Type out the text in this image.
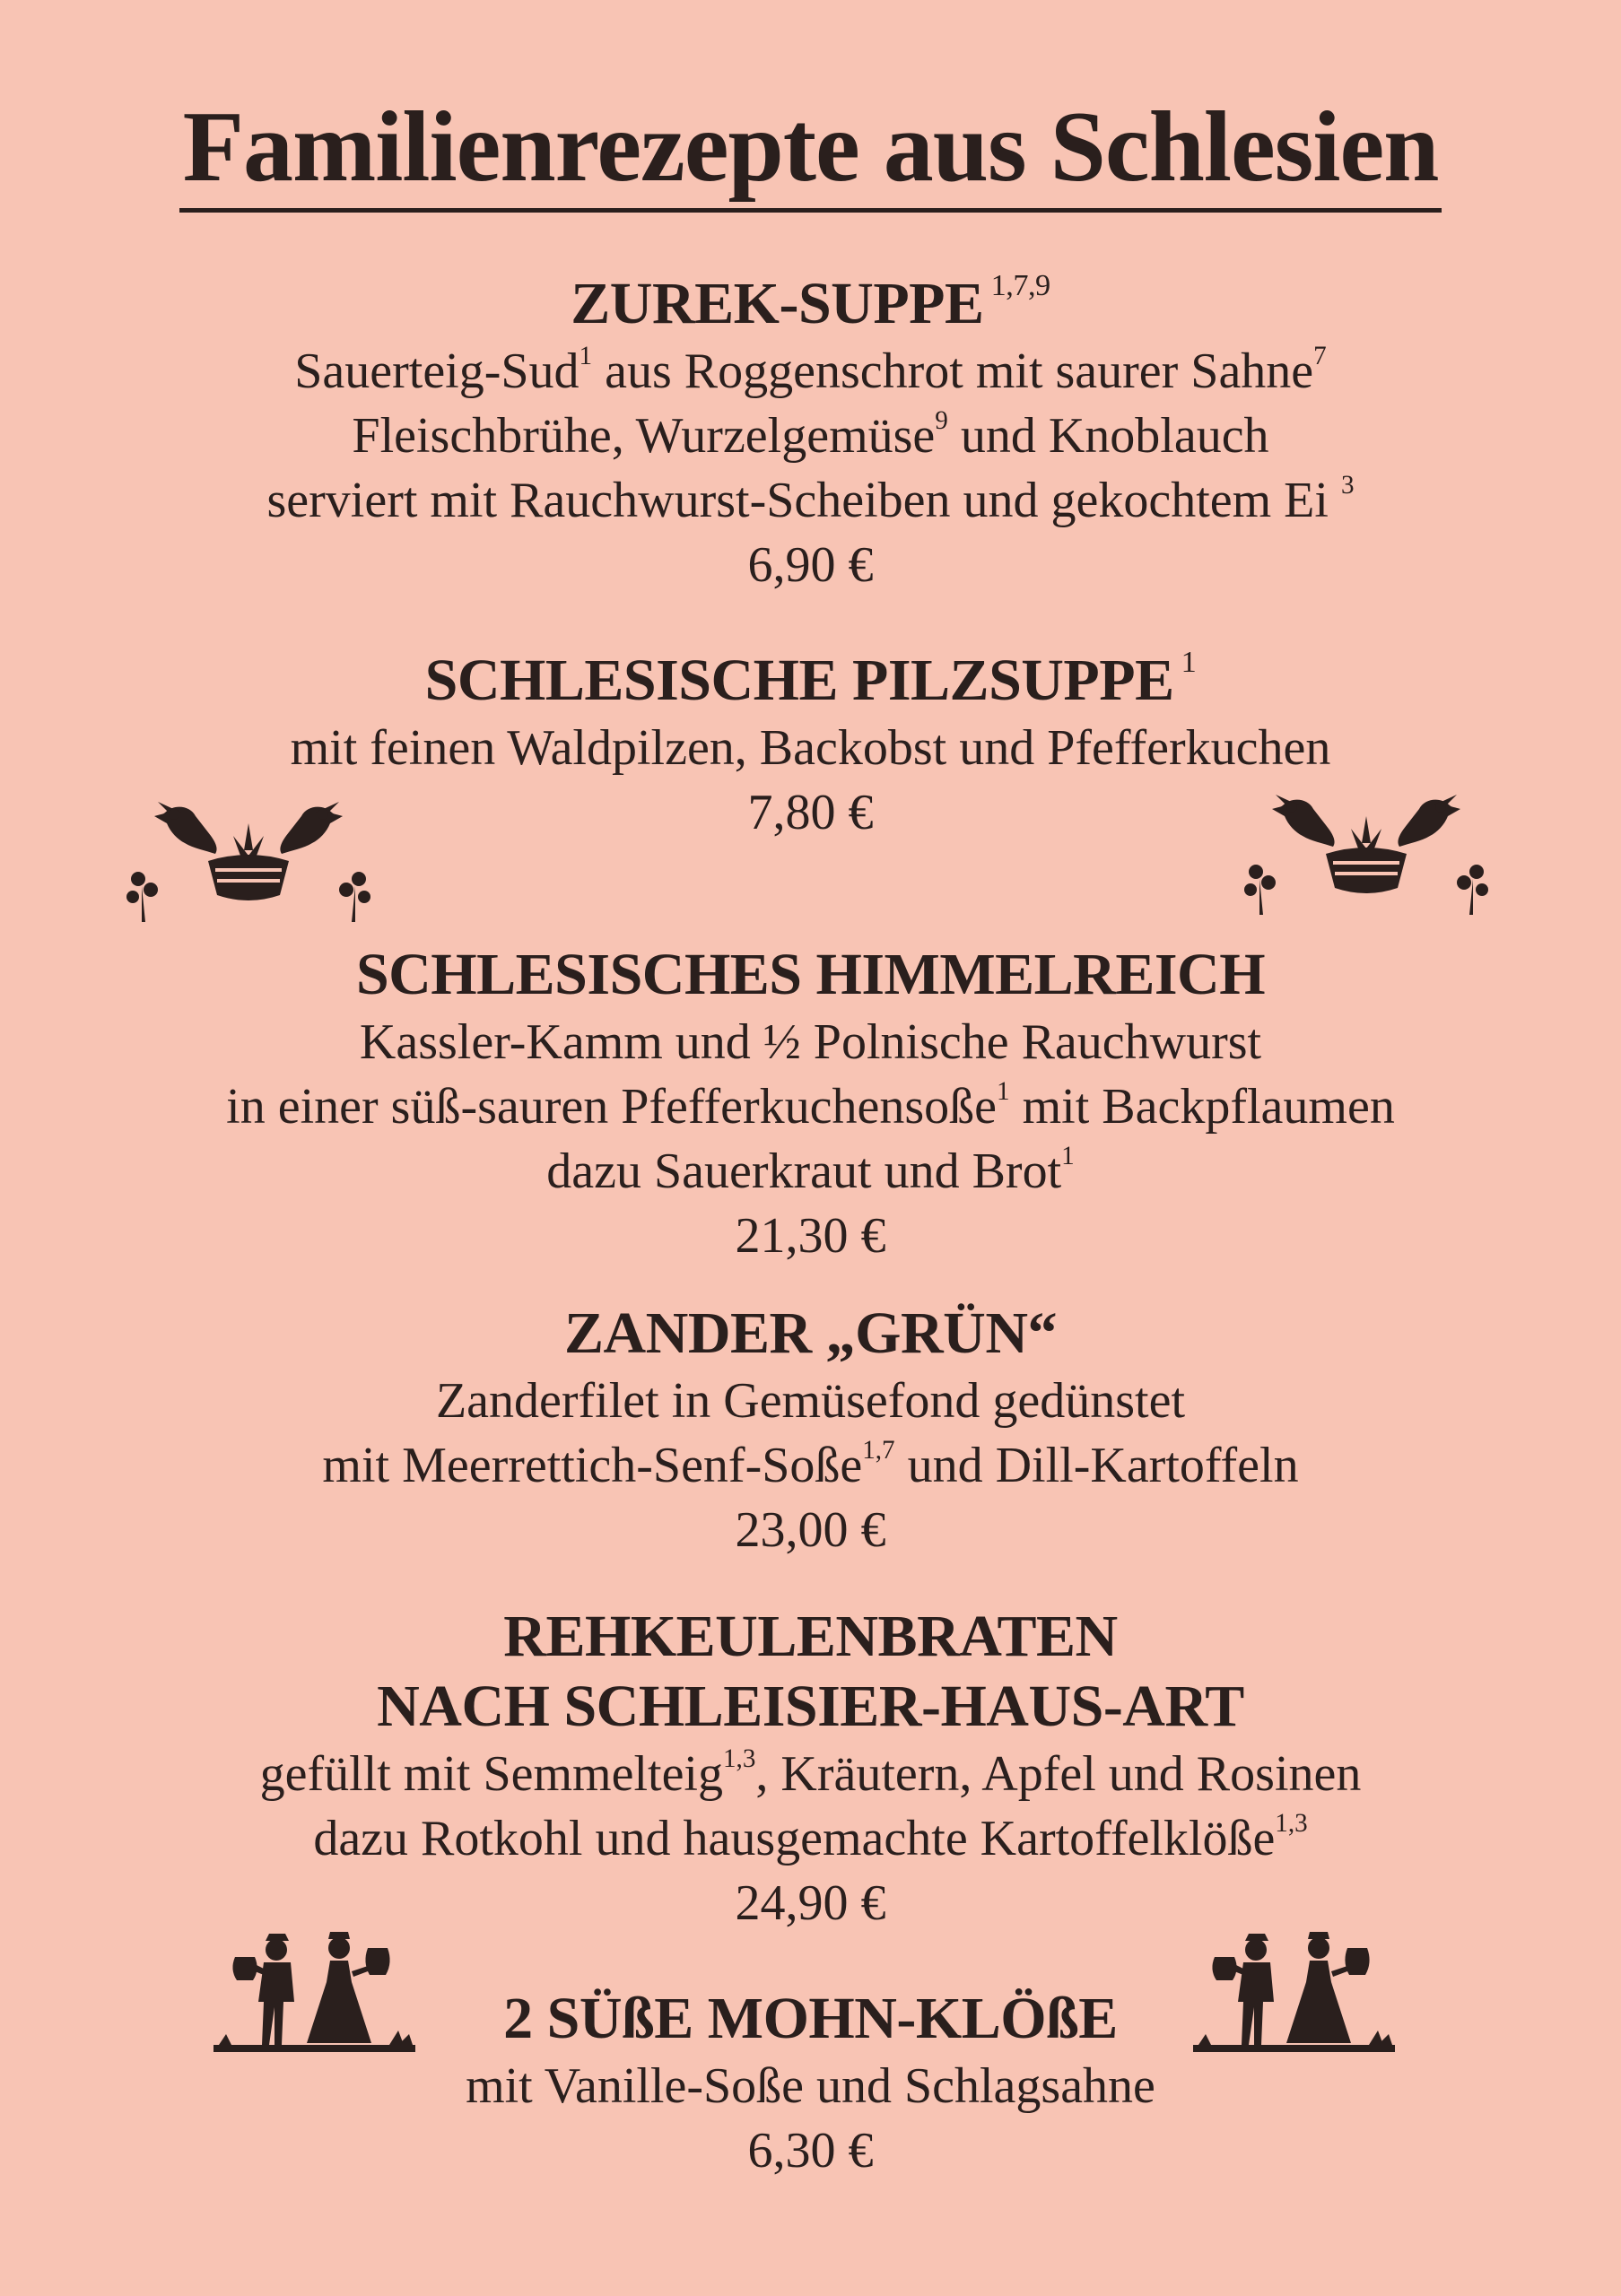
Familienrezepte aus Schlesien
ZUREK-SUPPE $^{1,7,9}$
Sauerteig-Sud$^1$ aus Roggenschrot mit saurer Sahne$^7$
Fleischbrühe, Wurzelgemüse$^9$ und Knoblauch
serviert mit Rauchwurst-Scheiben und gekochtem Ei $^3$
6,90 €
SCHLESISCHE PILZSUPPE $^1$
mit feinen Waldpilzen, Backobst und Pfefferkuchen
7,80 €
SCHLESISCHES HIMMELREICH
Kassler-Kamm und ½ Polnische Rauchwurst
in einer süß-sauren Pfefferkuchensoße$^1$ mit Backpflaumen
dazu Sauerkraut und Brot$^1$
21,30 €
ZANDER „GRÜN“
Zanderfilet in Gemüsefond gedünstet
mit Meerrettich-Senf-Soße$^{1,7}$ und Dill-Kartoffeln
23,00 €
REHKEULENBRATEN
NACH SCHLEISIER-HAUS-ART
gefüllt mit Semmelteig$^{1,3}$, Kräutern, Apfel und Rosinen
dazu Rotkohl und hausgemachte Kartoffelklöße$^{1,3}$
24,90 €
2 SÜßE MOHN-KLÖßE
mit Vanille-Soße und Schlagsahne
6,30 €
